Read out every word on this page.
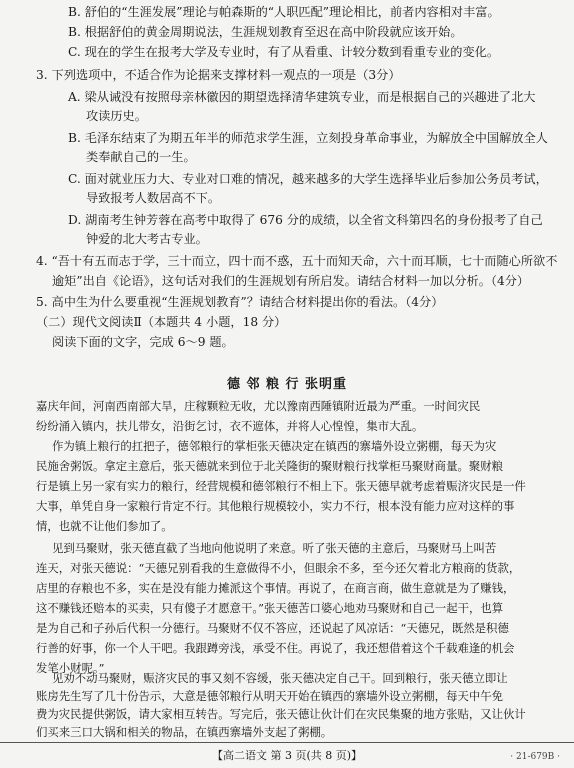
B. 舒伯的“生涯发展”理论与帕森斯的“人职匹配”理论相比，前者内容相对丰富。
B. 根据舒伯的黄金周期说法，生涯规划教育至迟在高中阶段就应该开始。
C. 现在的学生在报考大学及专业时，有了从看重、计较分数到看重专业的变化。
3. 下列选项中，不适合作为论据来支撑材料一观点的一项是（3分）
A. 梁从诫没有按照母亲林徽因的期望选择清华建筑专业，而是根据自己的兴趣进了北大
攻读历史。
B. 毛泽东结束了为期五年半的师范求学生涯，立刻投身革命事业，为解放全中国解放全人
类奉献自己的一生。
C. 面对就业压力大、专业对口难的情况，越来越多的大学生选择毕业后参加公务员考试，
导致报考人数居高不下。
D. 湖南考生钟芳蓉在高考中取得了 676 分的成绩，以全省文科第四名的身份报考了自己
钟爱的北大考古专业。
4. “吾十有五而志于学，三十而立，四十而不惑，五十而知天命，六十而耳顺，七十而随心所欲不
逾矩”出自《论语》，这句话对我们的生涯规划有所启发。请结合材料一加以分析。（4分）
5. 高中生为什么要重视“生涯规划教育”？请结合材料提出你的看法。（4分）
（二）现代文阅读Ⅱ（本题共 4 小题，18 分）
阅读下面的文字，完成 6～9 题。
嘉庆年间，河南西南部大旱，庄稼颗粒无收，尤以豫南西陲镇附近最为严重。一时间灾民
纷纷涌入镇内，扶儿带女，沿街乞讨，衣不遮体，并将人心惶惶，集市大乱。
作为镇上粮行的扛把子，德邻粮行的掌柜张天德决定在镇西的寨墙外设立粥棚，每天为灾
民施舍粥饭。拿定主意后，张天德就来到位于北关隆街的聚财粮行找掌柜马聚财商量。聚财粮
行是镇上另一家有实力的粮行，经营规模和德邻粮行不相上下。张天德早就考虑着赈济灾民是一件
大事，单凭自身一家粮行肯定不行。其他粮行规模较小，实力不行，根本没有能力应对这样的事
情，也就不让他们参加了。
见到马聚财，张天德直截了当地向他说明了来意。听了张天德的主意后，马聚财马上叫苦
连天，对张天德说：“天德兄别看我的生意做得不小，但眼余不多，至今还欠着北方粮商的货款，
店里的存粮也不多，实在是没有能力摊派这个事情。再说了，在商言商，做生意就是为了赚钱，
这不赚钱还赔本的买卖，只有傻子才愿意干。”张天德苦口婆心地劝马聚财和自己一起干，也算
是为自己和子孙后代积一分德行。马聚财不仅不答应，还说起了风凉话：“天德兄，既然是积德
行善的好事，你一个人干吧。我跟蹲旁浅，承受不住。再说了，我还想借着这个千载难逢的机会
发笔小财呢。”
见劝不动马聚财，赈济灾民的事又刻不容缓，张天德决定自己干。回到粮行，张天德立即让
账房先生写了几十份告示，大意是德邻粮行从明天开始在镇西的寨墙外设立粥棚，每天中午免
费为灾民提供粥饭，请大家相互转告。写完后，张天德让伙计们在灾民集聚的地方张贴，又让伙计
们买来三口大锅和相关的物品，在镇西寨墙外支起了粥棚。
德 邻 粮 行 张明重
【高二语文 第 3 页(共 8 页)】	· 21-679B ·
